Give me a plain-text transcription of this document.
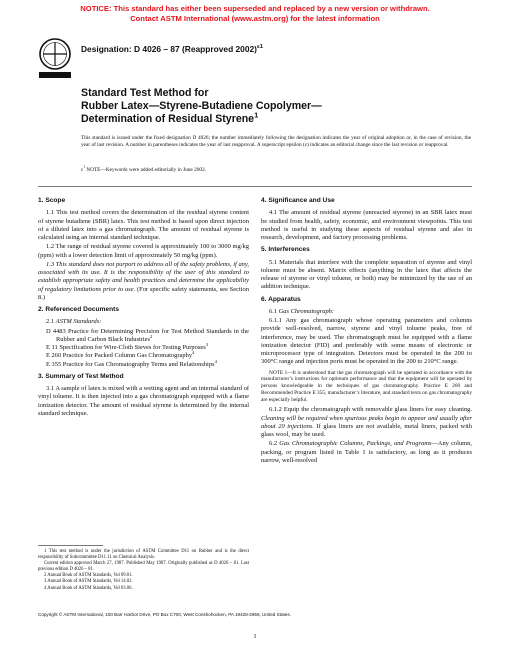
NOTICE: This standard has either been superseded and replaced by a new version or withdrawn.
Contact ASTM International (www.astm.org) for the latest information
Designation: D 4026 – 87 (Reapproved 2002)$^{\varepsilon 1}$
Standard Test Method for
Rubber Latex—Styrene-Butadiene Copolymer—
Determination of Residual Styrene$^1$
This standard is issued under the fixed designation D 4026; the number immediately following the designation indicates the year of original adoption or, in the case of revision, the year of last revision. A number in parentheses indicates the year of last reapproval. A superscript epsilon (ε) indicates an editorial change since the last revision or reapproval.
$\varepsilon^1$ NOTE—Keywords were added editorially in June 2002.
1. Scope

1.1 This test method covers the determination of the residual styrene content of styrene butadiene (SBR) latex. This test method is based upon direct injection of a diluted latex into a gas chromatograph. The amount of residual styrene is calculated using an internal standard technique.

1.2 The range of residual styrene covered is approximately 100 to 3000 mg/kg (ppm) with a lower detection limit of approximately 50 mg/kg (ppm).

1.3 This standard does not purport to address all of the safety problems, if any, associated with its use. It is the responsibility of the user of this standard to establish appropriate safety and health practices and determine the applicability of regulatory limitations prior to use. (For specific safety statements, see Section 8.)

2. Referenced Documents

2.1 ASTM Standards:

D 4483 Practice for Determining Precision for Test Method Standards in the Rubber and Carbon Black Industries$^2$
E 11 Specification for Wire-Cloth Sieves for Testing Purposes$^3$
E 260 Practice for Packed Column Gas Chromatography$^4$
E 355 Practice for Gas Chromatography Terms and Relationships$^4$
3. Summary of Test Method

3.1 A sample of latex is mixed with a wetting agent and an internal standard of vinyl toluene. It is then injected into a gas chromatograph equipped with a flame ionization detector. The amount of residual styrene is determined by the internal standard technique.

4. Significance and Use

4.1 The amount of residual styrene (unreacted styrene) in an SBR latex must be studied from health, safety, economic, and environment viewpoints. This test method is useful in studying these aspects of residual styrene and also in research, development, and factory processing problems.

5. Interferences

5.1 Materials that interfere with the complete separation of styrene and vinyl toluene must be absent. Matrix effects (anything in the latex that affects the release of styrene or vinyl toluene, or both) may be minimized by the use of an addition technique.

6. Apparatus

6.1 Gas Chromatograph:

6.1.1 Any gas chromatograph whose operating parameters and columns provide well-resolved, narrow, styrene and vinyl toluene peaks, free of interference, may be used. The chromatograph must be equipped with a flame ionization detector (FID) and preferably with some means of electronic or microprocessor type of integration. Detectors must be operated in the 200 to 300°C range and injection ports must be operated in the 200 to 210°C range.

NOTE 1—It is understood that the gas chromatograph will be operated in accordance with the manufacturer’s instructions for optimum performance and that the equipment will be operated by persons knowledgeable in the techniques of gas chromatography. Practice E 260 and Recommended Practice E 355, manufacturer’s literature, and standard texts on gas chromatography are especially helpful.

6.1.2 Equip the chromatograph with removable glass liners for easy cleaning. Cleaning will be required when spurious peaks begin to appear and usually after about 20 injections. If glass liners are not available, metal liners, packed with glass wool, may be used.

6.2 Gas Chromatographic Columns, Packings, and Programs—Any column, packing, or program listed in Table 1 is satisfactory, as long as it produces narrow, well-resolved

1 This test method is under the jurisdiction of ASTM Committee D11 on Rubber and is the direct responsibility of Subcommittee D11.11 on Chemical Analysis.
Current edition approved March 27, 1987. Published May 1987. Originally published as D 4026 – 81. Last previous edition D 4026 – 81.
2 Annual Book of ASTM Standards, Vol 09.01.
3 Annual Book of ASTM Standards, Vol 14.02.
4 Annual Book of ASTM Standards, Vol 03.06.
Copyright © ASTM International, 100 Barr Harbor Drive, PO Box C700, West Conshohocken, PA 19428-2959, United States.
1
